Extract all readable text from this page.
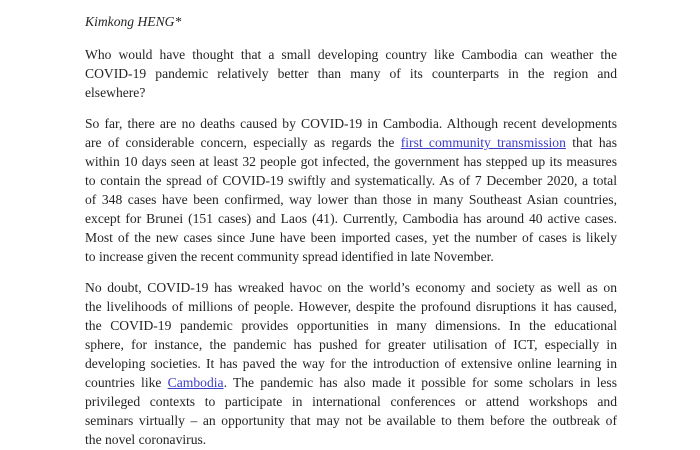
Kimkong HENG*
Who would have thought that a small developing country like Cambodia can weather the
COVID-19 pandemic relatively better than many of its counterparts in the region and
elsewhere?
So far, there are no deaths caused by COVID-19 in Cambodia. Although recent developments
are of considerable concern, especially as regards the first community transmission that has
within 10 days seen at least 32 people got infected, the government has stepped up its measures
to contain the spread of COVID-19 swiftly and systematically. As of 7 December 2020, a total
of 348 cases have been confirmed, way lower than those in many Southeast Asian countries,
except for Brunei (151 cases) and Laos (41). Currently, Cambodia has around 40 active cases.
Most of the new cases since June have been imported cases, yet the number of cases is likely
to increase given the recent community spread identified in late November.
No doubt, COVID-19 has wreaked havoc on the world’s economy and society as well as on
the livelihoods of millions of people. However, despite the profound disruptions it has caused,
the COVID-19 pandemic provides opportunities in many dimensions. In the educational
sphere, for instance, the pandemic has pushed for greater utilisation of ICT, especially in
developing societies. It has paved the way for the introduction of extensive online learning in
countries like Cambodia. The pandemic has also made it possible for some scholars in less
privileged contexts to participate in international conferences or attend workshops and
seminars virtually – an opportunity that may not be available to them before the outbreak of
the novel coronavirus.
